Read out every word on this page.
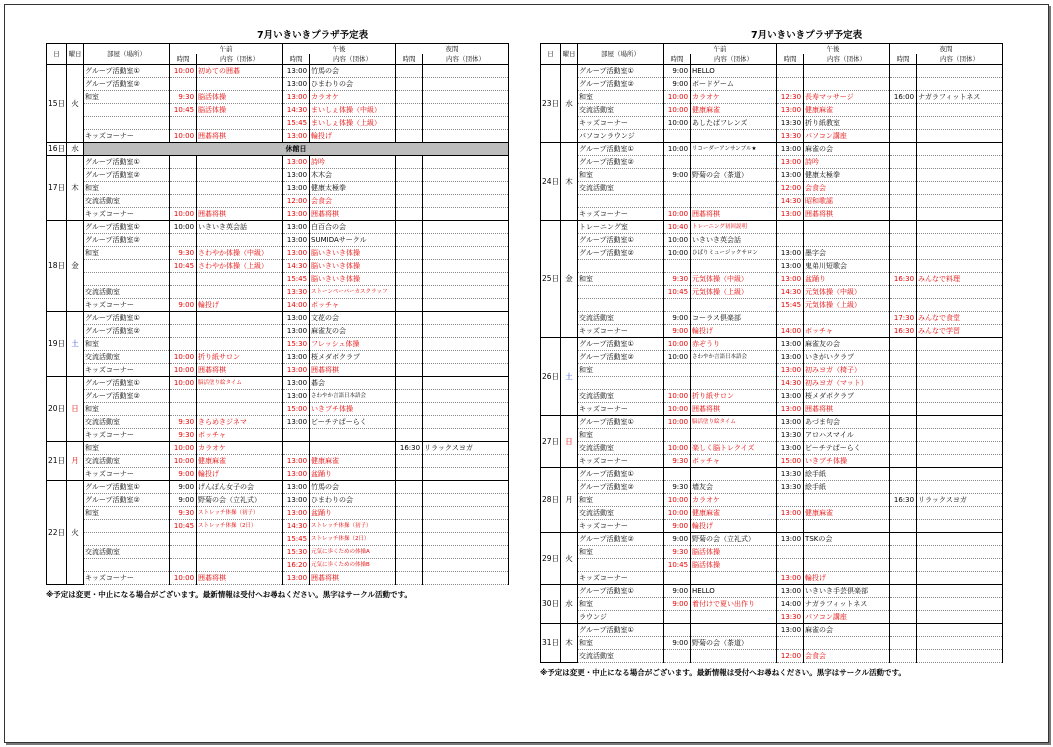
7月いきいきプラザ予定表
日	曜日	部屋（場所）	午前		午後		夜間	
			時間	内容（団体）	時間	内容（団体）	時間	内容（団体）
15日	火	グループ活動室①	10:00	初めての囲碁	13:00	竹馬の会		
		グループ活動室②			13:00	ひまわりの会		
		和室	9:30	脳活体操	13:00	カラオケ		
			10:45	脳活体操	14:30	まいしぇ体操（中級）		
					15:45	まいしぇ体操（上級）		
		キッズコーナー	10:00	囲碁将棋	13:00	輪投げ		
16日	水	休館日						
17日	木	グループ活動室①			13:00	詩吟		
		グループ活動室②			13:00	木木会		
		和室			13:00	健康太極拳		
		交流活動室			12:00	会食会		
		キッズコーナー	10:00	囲碁将棋	13:00	囲碁将棋		
18日	金	グループ活動室①	10:00	いきいき英会話	13:00	白百合の会		
		グループ活動室②			13:00	SUMIDAサークル		
		和室	9:30	さわやか体操（中級）	13:00	脳いきいき体操		
			10:45	さわやか体操（上級）	14:30	脳いきいき体操		
					15:45	脳いきいき体操		
		交流活動室			13:30	ストーンペーパーカスクラッフ		
		キッズコーナー	9:00	輪投げ	14:00	ボッチャ		
19日	土	グループ活動室①			13:00	文花の会		
		グループ活動室②			13:00	麻雀友の会		
		和室			15:30	フレッシュ体操		
		交流活動室	10:00	折り紙サロン	13:00	桜メダボクラブ		
		キッズコーナー	10:00	囲碁将棋	13:00	囲碁将棋		
20日	日	グループ活動室①	10:00	脳活塗り絵タイム	13:00	碁会		
		グループ活動室②			13:00	さわやか言語日本語会		
		和室			15:00	いきブチ体操		
		交流活動室	9:30	きらめきジネマ	13:00	ビーチテぱーらく		
		キッズコーナー	9:30	ボッチャ				
21日	月	和室	10:00	カラオケ			16:30	リラックスヨガ
		交流活動室	10:00	健康麻雀	13:00	健康麻雀		
		キッズコーナー	9:00	輪投げ	13:00	盆踊り		
22日	火	グループ活動室①	9:00	げんぽん女子の会	13:00	竹馬の会		
		グループ活動室②	9:00	野菊の会（立礼式）	13:00	ひまわりの会		
		和室	9:30	ストレッチ体操（初子）	13:00	盆踊り		
			10:45	ストレッチ体操（2日）	14:30	ストレッチ体操（初子）		
					15:45	ストレッチ体操（2日）		
		交流活動室			15:30	元気に歩くための体操A		
					16:20	元気に歩くための体操B		
		キッズコーナー	10:00	囲碁将棋	13:00	囲碁将棋		
※予定は変更・中止になる場合がございます。最新情報は受付へお尋ねください。黒字はサークル活動です。
7月いきいきプラザ予定表
日	曜日	部屋（場所）	午前		午後		夜間	
			時間	内容（団体）	時間	内容（団体）	時間	内容（団体）
23日	水	グループ活動室①	9:00	HELLO				
		グループ活動室②	9:00	ボードゲーム				
		和室	10:00	カラオケ	12:30	長寿マッサージ	16:00	ナガラフィットネス
		交流活動室	10:00	健康麻雀	13:00	健康麻雀		
		キッズコーナー	10:00	あしたばフレンズ	13:30	折り紙教室		
		パソコンラウンジ			13:30	パソコン講座		
24日	木	グループ活動室①	10:00	リコーダーアンサンブル★	13:00	麻雀の会		
		グループ活動室②			13:00	詩吟		
		和室	9:00	野菊の会（茶道）	13:00	健康太極拳		
		交流活動室			12:00	会食会		
					14:30	昭和歌謡		
		キッズコーナー	10:00	囲碁将棋	13:00	囲碁将棋		
25日	金	トレーニング室	10:40	トレーニング初回説明				
		グループ活動室①	10:00	いきいき英会話				
		グループ活動室②	10:00	ひばりミュージックサロン	13:00	墨字会		
					13:00	鬼弟川短歌会		
		和室	9:30	元気体操（中級）	13:00	盆踊り	16:30	みんなで料理
			10:45	元気体操（上級）	14:30	元気体操（中級）		
					15:45	元気体操（上級）		
		交流活動室	9:00	コーラス倶楽部			17:30	みんなで食堂
		キッズコーナー	9:00	輪投げ	14:00	ボッチャ	16:30	みんなで学習
26日	土	グループ活動室①	10:00	赤ぞうり	13:00	麻雀友の会		
		グループ活動室②	10:00	さわやか言語日本語会	13:00	いきがいクラブ		
		和室			13:00	初みヨガ（椅子）		
					14:30	初みヨガ（マット）		
		交流活動室	10:00	折り紙サロン	13:00	桜メダボクラブ		
		キッズコーナー	10:00	囲碁将棋	13:00	囲碁将棋		
27日	日	グループ活動室①	10:00	脳活塗り絵タイム	13:00	あづま句会		
		和室			13:30	アロハスマイル		
		交流活動室	10:00	楽しく脳トレクイズ	13:00	ビーチテぱーらく		
		キッズコーナー	9:30	ボッチャ	15:00	いきブチ体操		
28日	月	グループ活動室①			13:30	絵手紙		
		グループ活動室②	9:30	墙友会	13:30	絵手紙		
		和室	10:00	カラオケ			16:30	リラックスヨガ
		交流活動室	10:00	健康麻雀	13:00	健康麻雀		
		キッズコーナー	9:00	輪投げ				
29日	火	グループ活動室②	9:00	野菊の会（立礼式）	13:00	TSKの会		
		和室	9:30	脳活体操				
			10:45	脳活体操				
		キッズコーナー			13:00	輪投げ		
30日	水	グループ活動室①	9:00	HELLO	13:00	いきいき手芸倶楽部		
		和室	9:00	着付けで夏い出作り	14:00	ナガラフィットネス		
		ラウンジ			13:30	パソコン講座		
31日	木	グループ活動室①			13:00	麻雀の会		
		和室	9:00	野菊の会（茶道）				
		交流活動室			12:00	会食会		
※予定は変更・中止になる場合がございます。最新情報は受付へお尋ねください。黒字はサークル活動です。
